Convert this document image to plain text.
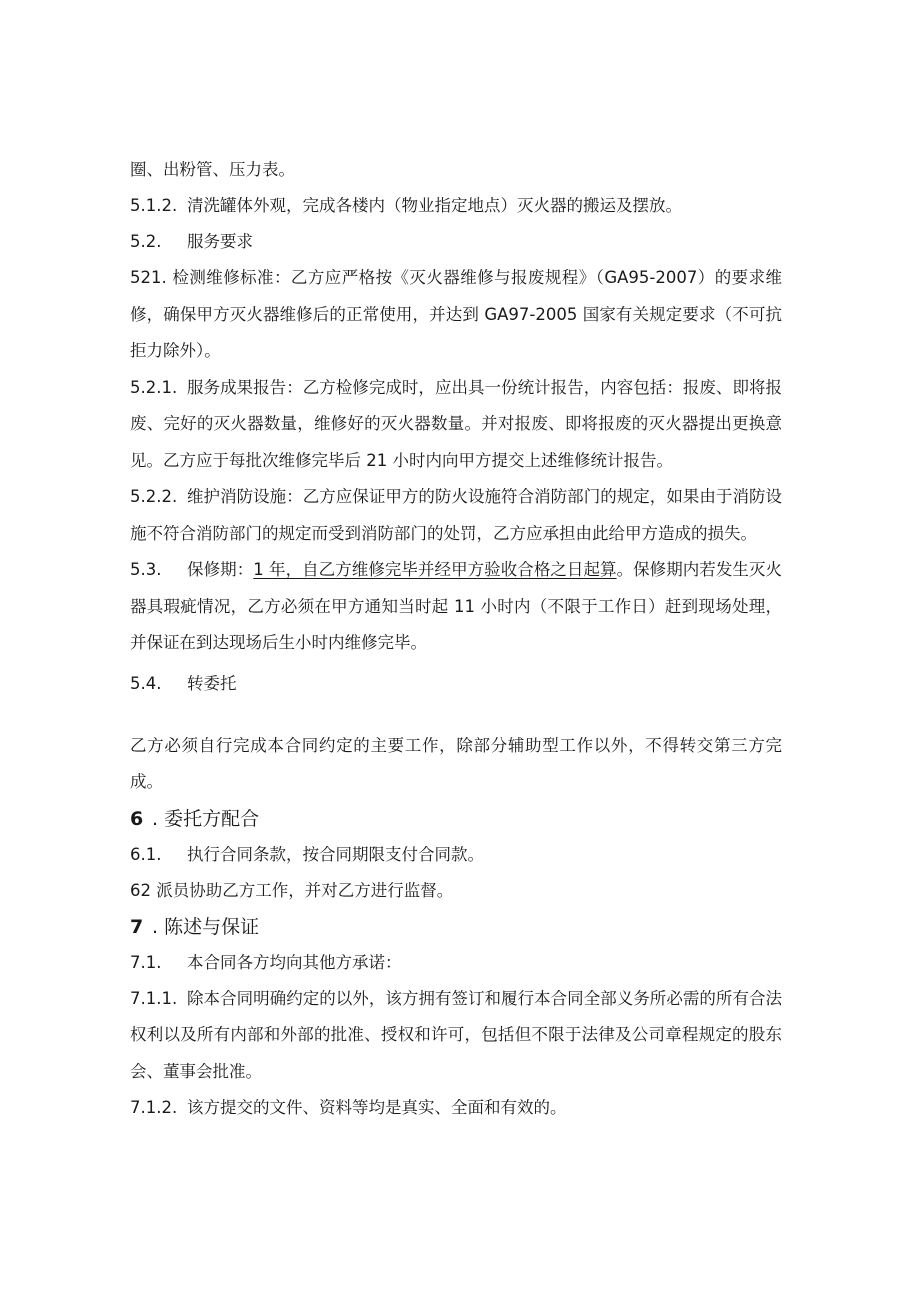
圈、出粉管、压力表。
5.1.2. 清洗罐体外观，完成各楼内（物业指定地点）灭火器的搬运及摆放。
5.2. 服务要求
521. 检测维修标准：乙方应严格按《灭火器维修与报废规程》（GA95-2007）的要求维修，确保甲方灭火器维修后的正常使用，并达到 GA97-2005 国家有关规定要求（不可抗拒力除外）。
5.2.1. 服务成果报告：乙方检修完成时，应出具一份统计报告，内容包括：报废、即将报废、完好的灭火器数量，维修好的灭火器数量。并对报废、即将报废的灭火器提出更换意见。乙方应于每批次维修完毕后 21 小时内向甲方提交上述维修统计报告。
5.2.2. 维护消防设施：乙方应保证甲方的防火设施符合消防部门的规定，如果由于消防设施不符合消防部门的规定而受到消防部门的处罚，乙方应承担由此给甲方造成的损失。
5.3. 保修期：1 年，自乙方维修完毕并经甲方验收合格之日起算。保修期内若发生灭火器具瑕疵情况，乙方必须在甲方通知当时起 11 小时内（不限于工作日）赶到现场处理，并保证在到达现场后生小时内维修完毕。
5.4. 转委托
乙方必须自行完成本合同约定的主要工作，除部分辅助型工作以外，不得转交第三方完成。
6 . 委托方配合
6.1. 执行合同条款，按合同期限支付合同款。
62 派员协助乙方工作，并对乙方进行监督。
7 . 陈述与保证
7.1. 本合同各方均向其他方承诺：
7.1.1. 除本合同明确约定的以外，该方拥有签订和履行本合同全部义务所必需的所有合法权利以及所有内部和外部的批准、授权和许可，包括但不限于法律及公司章程规定的股东会、董事会批准。
7.1.2. 该方提交的文件、资料等均是真实、全面和有效的。
